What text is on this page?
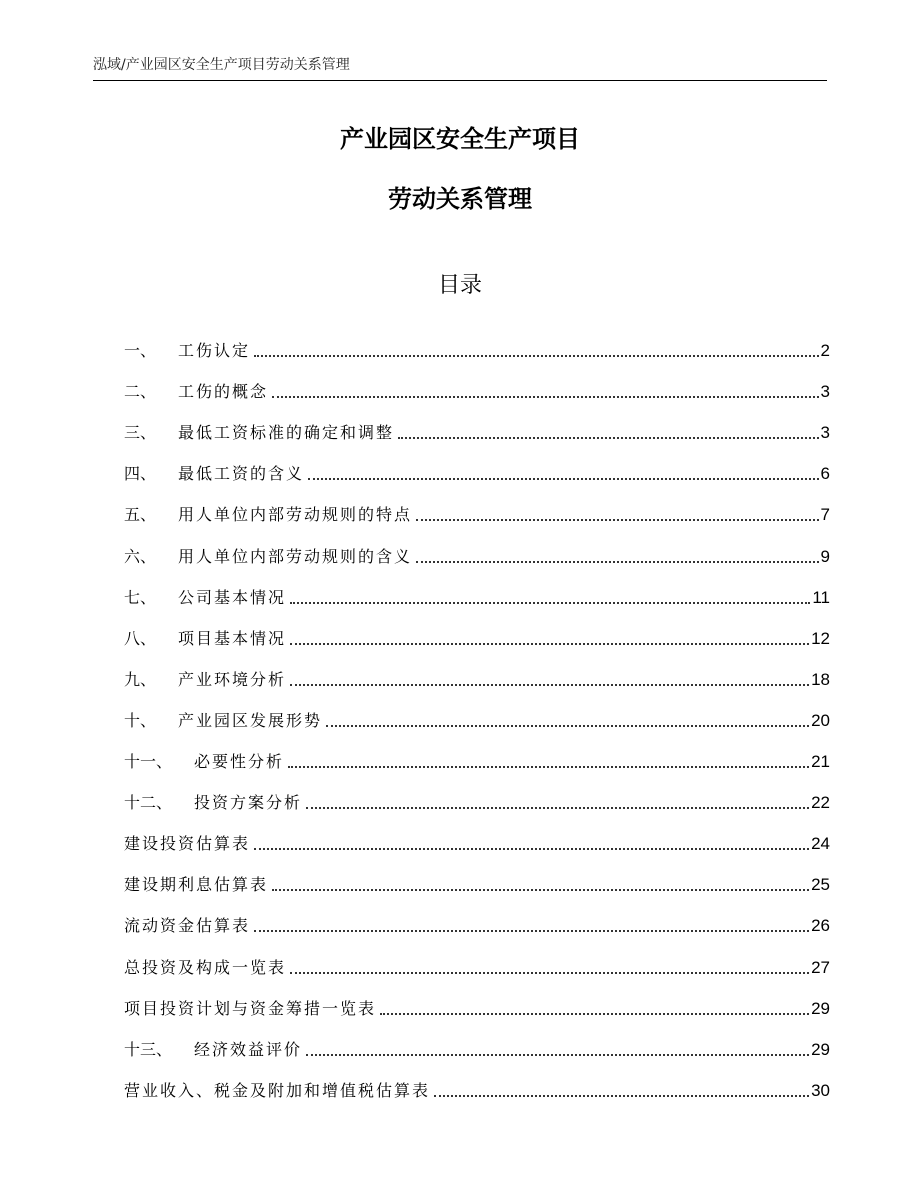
泓域/产业园区安全生产项目劳动关系管理
产业园区安全生产项目
劳动关系管理
目录
一、 工伤认定	2
二、 工伤的概念	3
三、 最低工资标准的确定和调整	3
四、 最低工资的含义	6
五、 用人单位内部劳动规则的特点	7
六、 用人单位内部劳动规则的含义	9
七、 公司基本情况	11
八、 项目基本情况	12
九、 产业环境分析	18
十、 产业园区发展形势	20
十一、 必要性分析	21
十二、 投资方案分析	22
建设投资估算表	24
建设期利息估算表	25
流动资金估算表	26
总投资及构成一览表	27
项目投资计划与资金筹措一览表	29
十三、 经济效益评价	29
营业收入、税金及附加和增值税估算表	30
